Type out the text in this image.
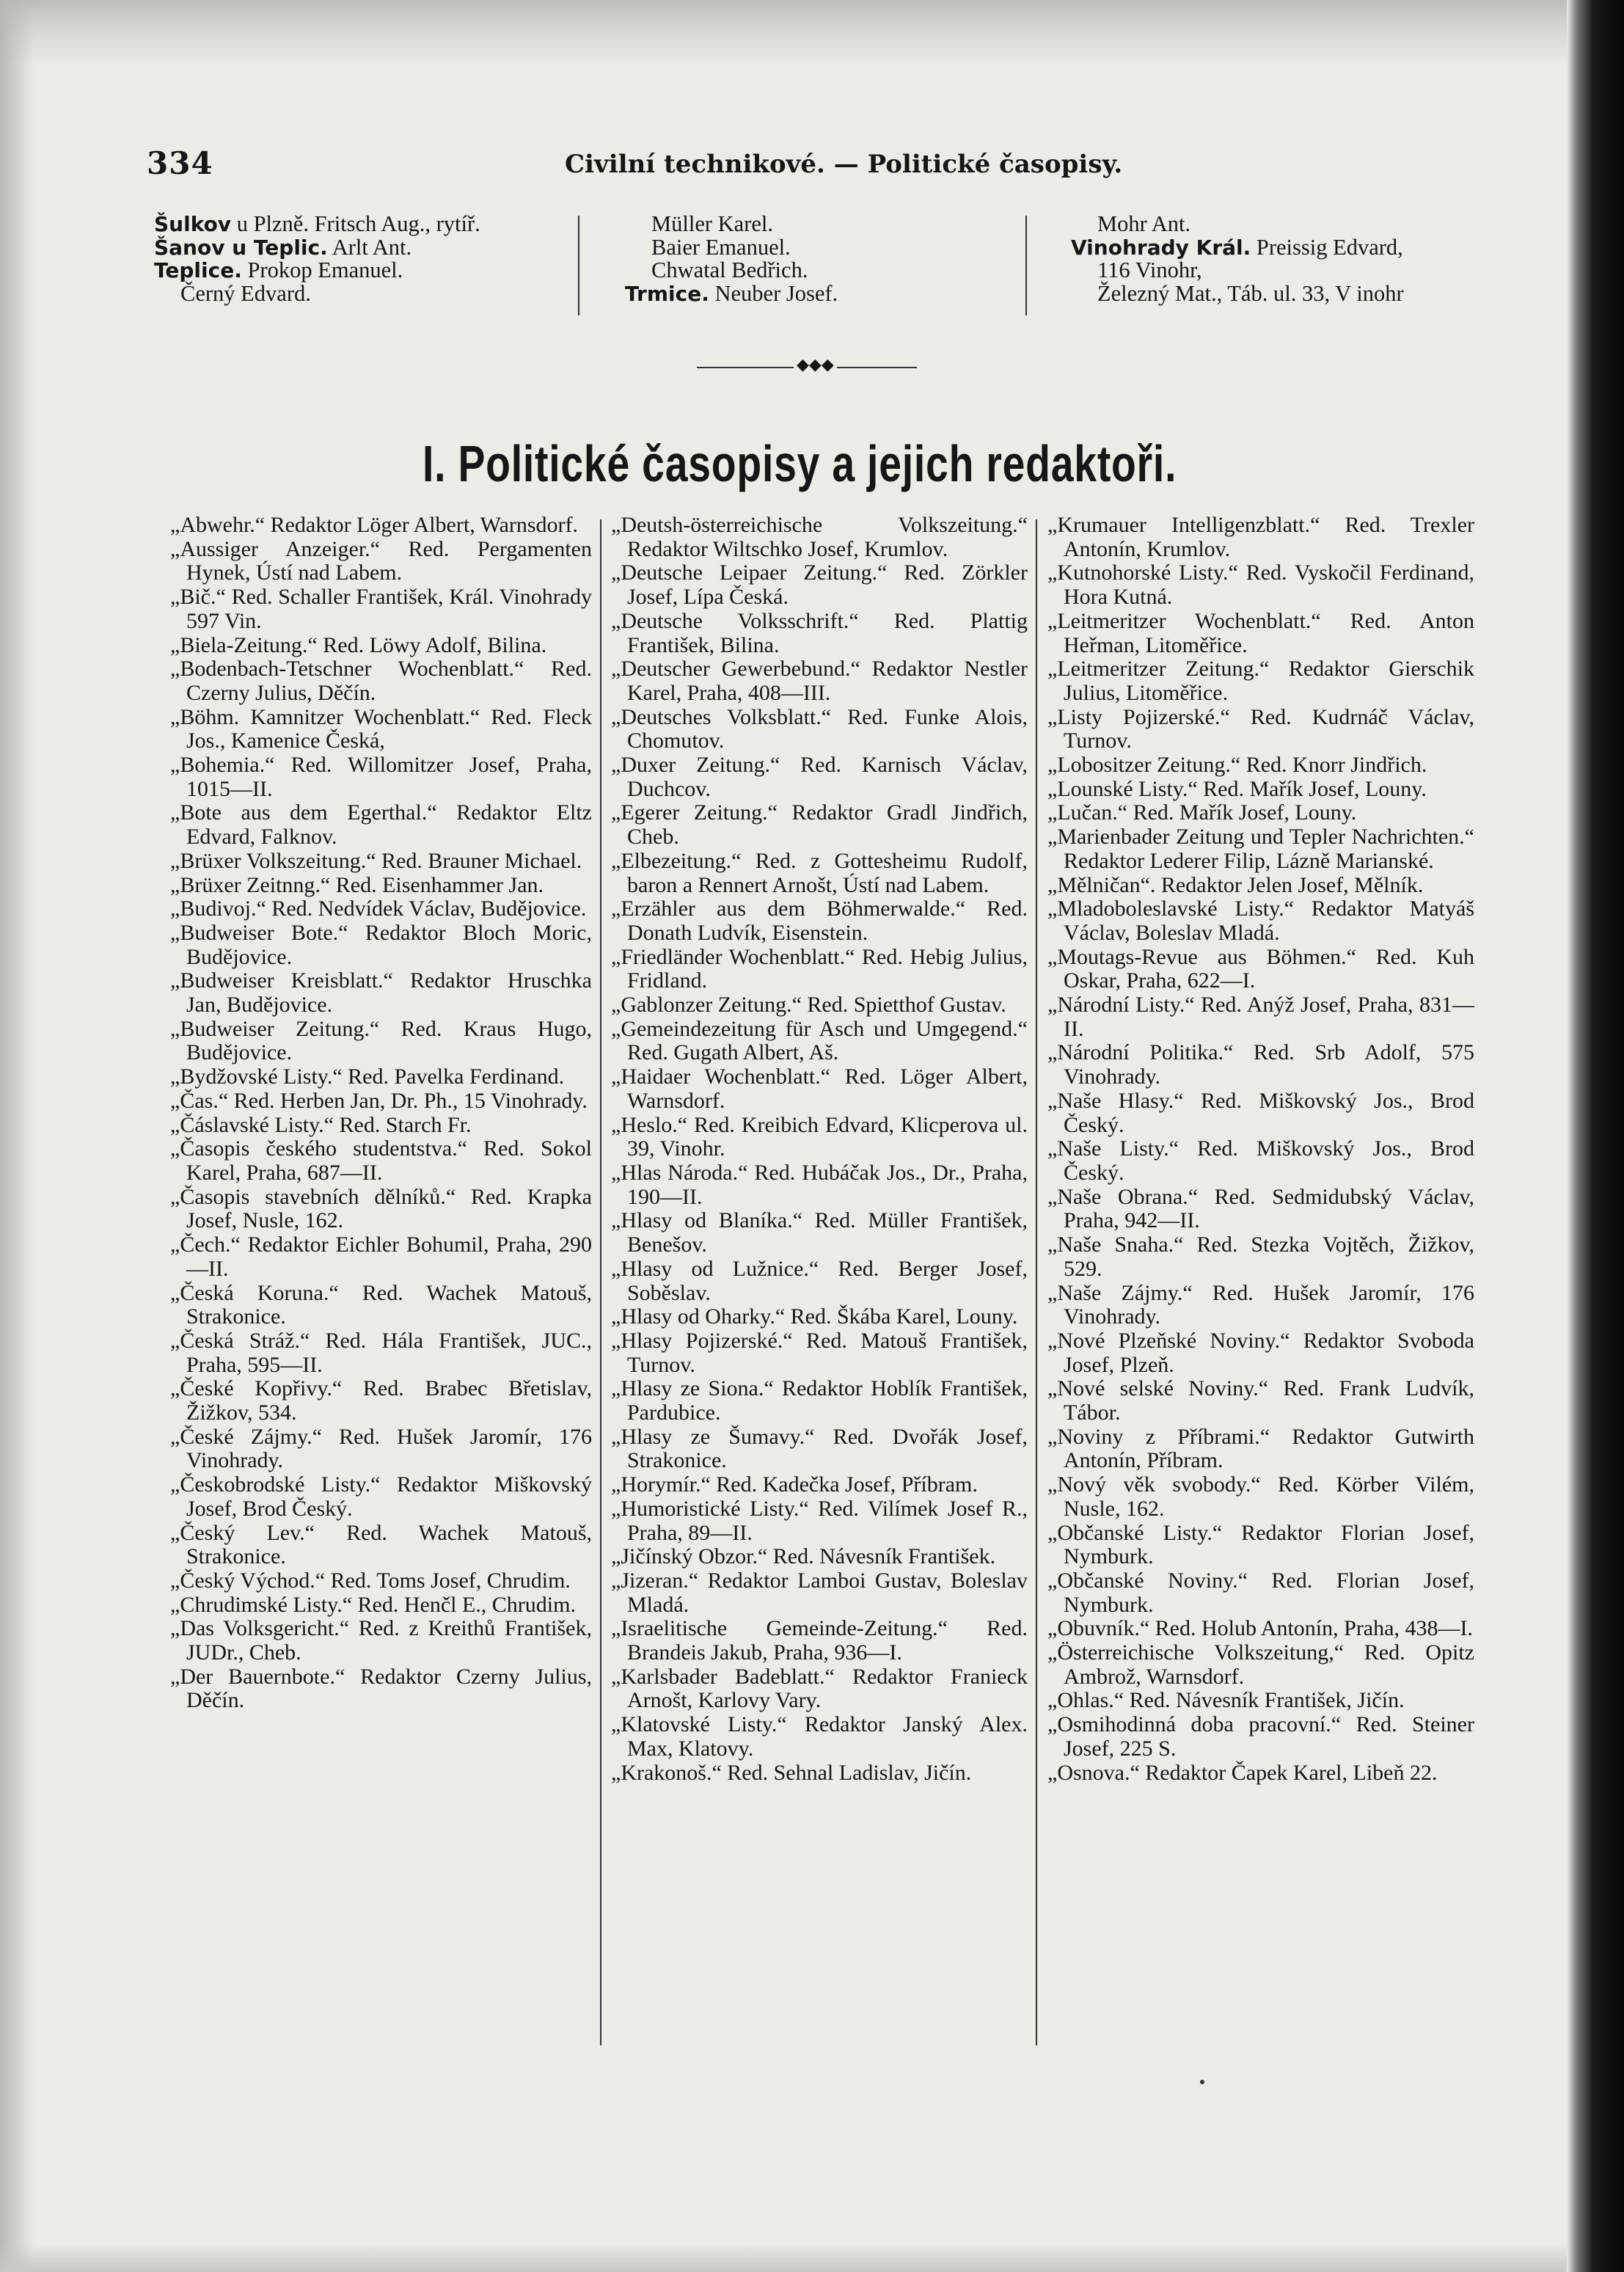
334	Civilní technikové. — Politické časopisy.
Šulkov u Plzně. Fritsch Aug., rytíř.
Šanov u Teplic. Arlt Ant.
Teplice. Prokop Emanuel.
Černý Edvard.
Müller Karel.
Baier Emanuel.
Chwatal Bedřich.
Trmice. Neuber Josef.
Mohr Ant.
Vinohrady Král. Preissig Edvard,
116 Vinohr,
Železný Mat., Táb. ul. 33, V inohr
◆◆◆
I. Politické časopisy a jejich redaktoři.
„Abwehr.“ Redaktor Löger Albert, Warnsdorf.
„Aussiger Anzeiger.“ Red. Pergamenten Hynek, Ústí nad Labem.
„Bič.“ Red. Schaller František, Král. Vinohrady 597 Vin.
„Biela-Zeitung.“ Red. Löwy Adolf, Bilina.
„Bodenbach-Tetschner Wochenblatt.“ Red. Czerny Julius, Děčín.
„Böhm. Kamnitzer Wochenblatt.“ Red. Fleck Jos., Kamenice Česká,
„Bohemia.“ Red. Willomitzer Josef, Praha, 1015—II.
„Bote aus dem Egerthal.“ Redaktor Eltz Edvard, Falknov.
„Brüxer Volkszeitung.“ Red. Brauner Michael.
„Brüxer Zeitnng.“ Red. Eisenhammer Jan.
„Budivoj.“ Red. Nedvídek Václav, Budějovice.
„Budweiser Bote.“ Redaktor Bloch Moric, Budějovice.
„Budweiser Kreisblatt.“ Redaktor Hruschka Jan, Budějovice.
„Budweiser Zeitung.“ Red. Kraus Hugo, Budějovice.
„Bydžovské Listy.“ Red. Pavelka Ferdinand.
„Čas.“ Red. Herben Jan, Dr. Ph., 15 Vinohrady.
„Čáslavské Listy.“ Red. Starch Fr.
„Časopis českého studentstva.“ Red. Sokol Karel, Praha, 687—II.
„Časopis stavebních dělníků.“ Red. Krapka Josef, Nusle, 162.
„Čech.“ Redaktor Eichler Bohumil, Praha, 290—II.
„Česká Koruna.“ Red. Wachek Matouš, Strakonice.
„Česká Stráž.“ Red. Hála František, JUC., Praha, 595—II.
„České Kopřivy.“ Red. Brabec Břetislav, Žižkov, 534.
„České Zájmy.“ Red. Hušek Jaromír, 176 Vinohrady.
„Českobrodské Listy.“ Redaktor Miškovský Josef, Brod Český.
„Český Lev.“ Red. Wachek Matouš, Strakonice.
„Český Východ.“ Red. Toms Josef, Chrudim.
„Chrudimské Listy.“ Red. Henčl E., Chrudim.
„Das Volksgericht.“ Red. z Kreithů František, JUDr., Cheb.
„Der Bauernbote.“ Redaktor Czerny Julius, Děčín.
„Deutsh-österreichische Volkszeitung.“ Redaktor Wiltschko Josef, Krumlov.
„Deutsche Leipaer Zeitung.“ Red. Zörkler Josef, Lípa Česká.
„Deutsche Volksschrift.“ Red. Plattig František, Bilina.
„Deutscher Gewerbebund.“ Redaktor Nestler Karel, Praha, 408—III.
„Deutsches Volksblatt.“ Red. Funke Alois, Chomutov.
„Duxer Zeitung.“ Red. Karnisch Václav, Duchcov.
„Egerer Zeitung.“ Redaktor Gradl Jindřich, Cheb.
„Elbezeitung.“ Red. z Gottesheimu Rudolf, baron a Rennert Arnošt, Ústí nad Labem.
„Erzähler aus dem Böhmerwalde.“ Red. Donath Ludvík, Eisenstein.
„Friedländer Wochenblatt.“ Red. Hebig Julius, Fridland.
„Gablonzer Zeitung.“ Red. Spietthof Gustav.
„Gemeindezeitung für Asch und Umgegend.“ Red. Gugath Albert, Aš.
„Haidaer Wochenblatt.“ Red. Löger Albert, Warnsdorf.
„Heslo.“ Red. Kreibich Edvard, Klicperova ul. 39, Vinohr.
„Hlas Národa.“ Red. Hubáčak Jos., Dr., Praha, 190—II.
„Hlasy od Blaníka.“ Red. Müller František, Benešov.
„Hlasy od Lužnice.“ Red. Berger Josef, Soběslav.
„Hlasy od Oharky.“ Red. Škába Karel, Louny.
„Hlasy Pojizerské.“ Red. Matouš František, Turnov.
„Hlasy ze Siona.“ Redaktor Hoblík František, Pardubice.
„Hlasy ze Šumavy.“ Red. Dvořák Josef, Strakonice.
„Horymír.“ Red. Kadečka Josef, Příbram.
„Humoristické Listy.“ Red. Vilímek Josef R., Praha, 89—II.
„Jičínský Obzor.“ Red. Návesník František.
„Jizeran.“ Redaktor Lamboi Gustav, Boleslav Mladá.
„Israelitische Gemeinde-Zeitung.“ Red. Brandeis Jakub, Praha, 936—I.
„Karlsbader Badeblatt.“ Redaktor Franieck Arnošt, Karlovy Vary.
„Klatovské Listy.“ Redaktor Janský Alex. Max, Klatovy.
„Krakonoš.“ Red. Sehnal Ladislav, Jičín.
„Krumauer Intelligenzblatt.“ Red. Trexler Antonín, Krumlov.
„Kutnohorské Listy.“ Red. Vyskočil Ferdinand, Hora Kutná.
„Leitmeritzer Wochenblatt.“ Red. Anton Heřman, Litoměřice.
„Leitmeritzer Zeitung.“ Redaktor Gierschik Julius, Litoměřice.
„Listy Pojizerské.“ Red. Kudrnáč Václav, Turnov.
„Lobositzer Zeitung.“ Red. Knorr Jindřich.
„Lounské Listy.“ Red. Mařík Josef, Louny.
„Lučan.“ Red. Mařík Josef, Louny.
„Marienbader Zeitung und Tepler Nachrichten.“ Redaktor Lederer Filip, Lázně Marianské.
„Mělničan“. Redaktor Jelen Josef, Mělník.
„Mladoboleslavské Listy.“ Redaktor Matyáš Václav, Boleslav Mladá.
„Moutags-Revue aus Böhmen.“ Red. Kuh Oskar, Praha, 622—I.
„Národní Listy.“ Red. Anýž Josef, Praha, 831—II.
„Národní Politika.“ Red. Srb Adolf, 575 Vinohrady.
„Naše Hlasy.“ Red. Miškovský Jos., Brod Český.
„Naše Listy.“ Red. Miškovský Jos., Brod Český.
„Naše Obrana.“ Red. Sedmidubský Václav, Praha, 942—II.
„Naše Snaha.“ Red. Stezka Vojtěch, Žižkov, 529.
„Naše Zájmy.“ Red. Hušek Jaromír, 176 Vinohrady.
„Nové Plzeňské Noviny.“ Redaktor Svoboda Josef, Plzeň.
„Nové selské Noviny.“ Red. Frank Ludvík, Tábor.
„Noviny z Příbrami.“ Redaktor Gutwirth Antonín, Příbram.
„Nový věk svobody.“ Red. Körber Vilém, Nusle, 162.
„Občanské Listy.“ Redaktor Florian Josef, Nymburk.
„Občanské Noviny.“ Red. Florian Josef, Nymburk.
„Obuvník.“ Red. Holub Antonín, Praha, 438—I.
„Österreichische Volkszeitung,“ Red. Opitz Ambrož, Warnsdorf.
„Ohlas.“ Red. Návesník František, Jičín.
„Osmihodinná doba pracovní.“ Red. Steiner Josef, 225 S.
„Osnova.“ Redaktor Čapek Karel, Libeň 22.
